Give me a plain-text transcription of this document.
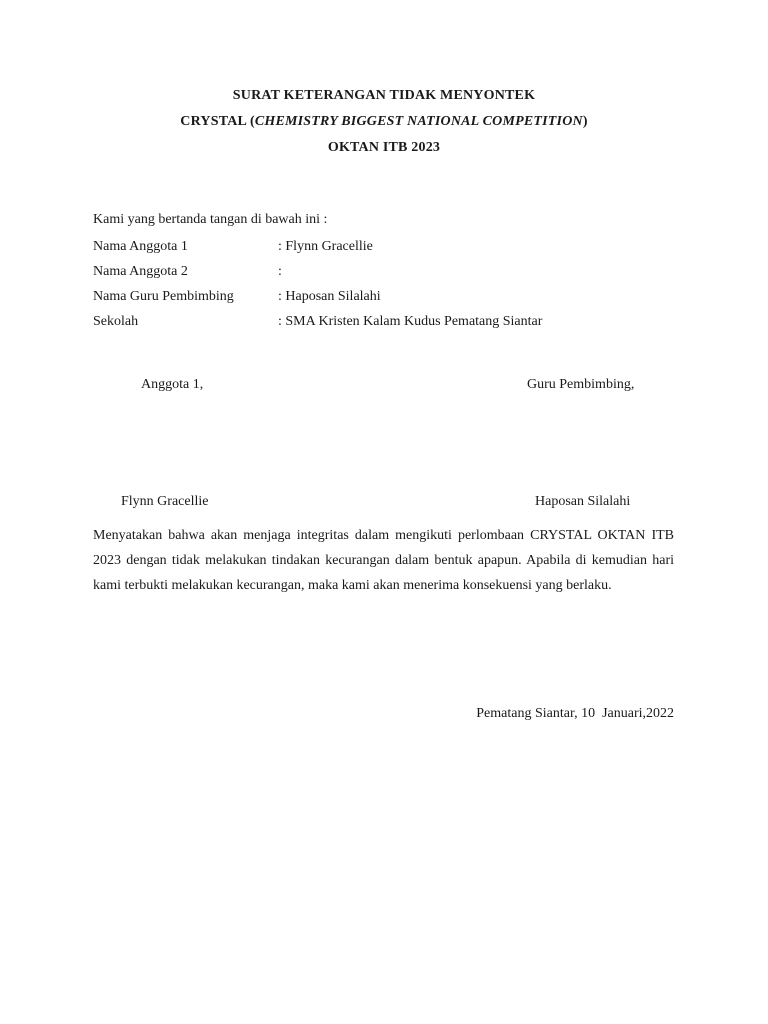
SURAT KETERANGAN TIDAK MENYONTEK
CRYSTAL (CHEMISTRY BIGGEST NATIONAL COMPETITION)
OKTAN ITB 2023
Kami yang bertanda tangan di bawah ini :
Nama Anggota 1	: Flynn Gracellie
Nama Anggota 2	:
Nama Guru Pembimbing	: Haposan Silalahi
Sekolah	: SMA Kristen Kalam Kudus Pematang Siantar
Anggota 1,	Guru Pembimbing,
Flynn Gracellie	Haposan Silalahi
Menyatakan bahwa akan menjaga integritas dalam mengikuti perlombaan CRYSTAL OKTAN ITB 2023 dengan tidak melakukan tindakan kecurangan dalam bentuk apapun. Apabila di kemudian hari kami terbukti melakukan kecurangan, maka kami akan menerima konsekuensi yang berlaku.
Pematang Siantar, 10  Januari,2022
